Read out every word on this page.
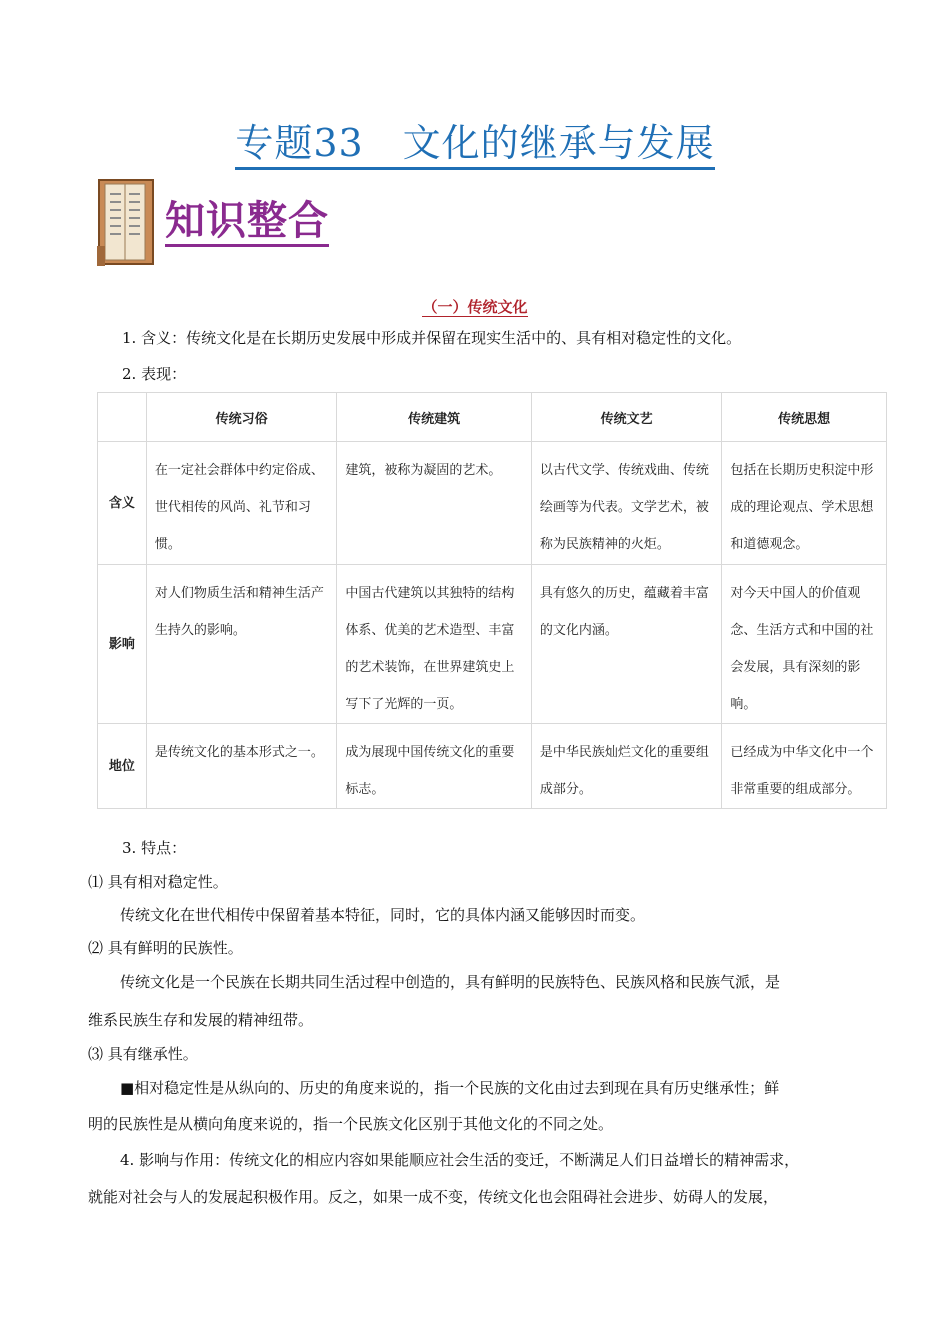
专题33　文化的继承与发展
知识整合
（一）传统文化
1. 含义：传统文化是在长期历史发展中形成并保留在现实生活中的、具有相对稳定性的文化。
2. 表现：
	传统习俗	传统建筑	传统文艺	传统思想
含义	在一定社会群体中约定俗成、世代相传的风尚、礼节和习惯。	建筑，被称为凝固的艺术。	以古代文学、传统戏曲、传统绘画等为代表。文学艺术，被称为民族精神的火炬。	包括在长期历史积淀中形成的理论观点、学术思想和道德观念。
影响	对人们物质生活和精神生活产生持久的影响。	中国古代建筑以其独特的结构体系、优美的艺术造型、丰富的艺术装饰，在世界建筑史上写下了光辉的一页。	具有悠久的历史，蕴藏着丰富的文化内涵。	对今天中国人的价值观念、生活方式和中国的社会发展，具有深刻的影响。
地位	是传统文化的基本形式之一。	成为展现中国传统文化的重要标志。	是中华民族灿烂文化的重要组成部分。	已经成为中华文化中一个非常重要的组成部分。
3. 特点：
⑴ 具有相对稳定性。
传统文化在世代相传中保留着基本特征，同时，它的具体内涵又能够因时而变。
⑵ 具有鲜明的民族性。
传统文化是一个民族在长期共同生活过程中创造的，具有鲜明的民族特色、民族风格和民族气派，是
维系民族生存和发展的精神纽带。
⑶ 具有继承性。
■相对稳定性是从纵向的、历史的角度来说的，指一个民族的文化由过去到现在具有历史继承性；鲜
明的民族性是从横向角度来说的，指一个民族文化区别于其他文化的不同之处。
4. 影响与作用：传统文化的相应内容如果能顺应社会生活的变迁，不断满足人们日益增长的精神需求，
就能对社会与人的发展起积极作用。反之，如果一成不变，传统文化也会阻碍社会进步、妨碍人的发展，
